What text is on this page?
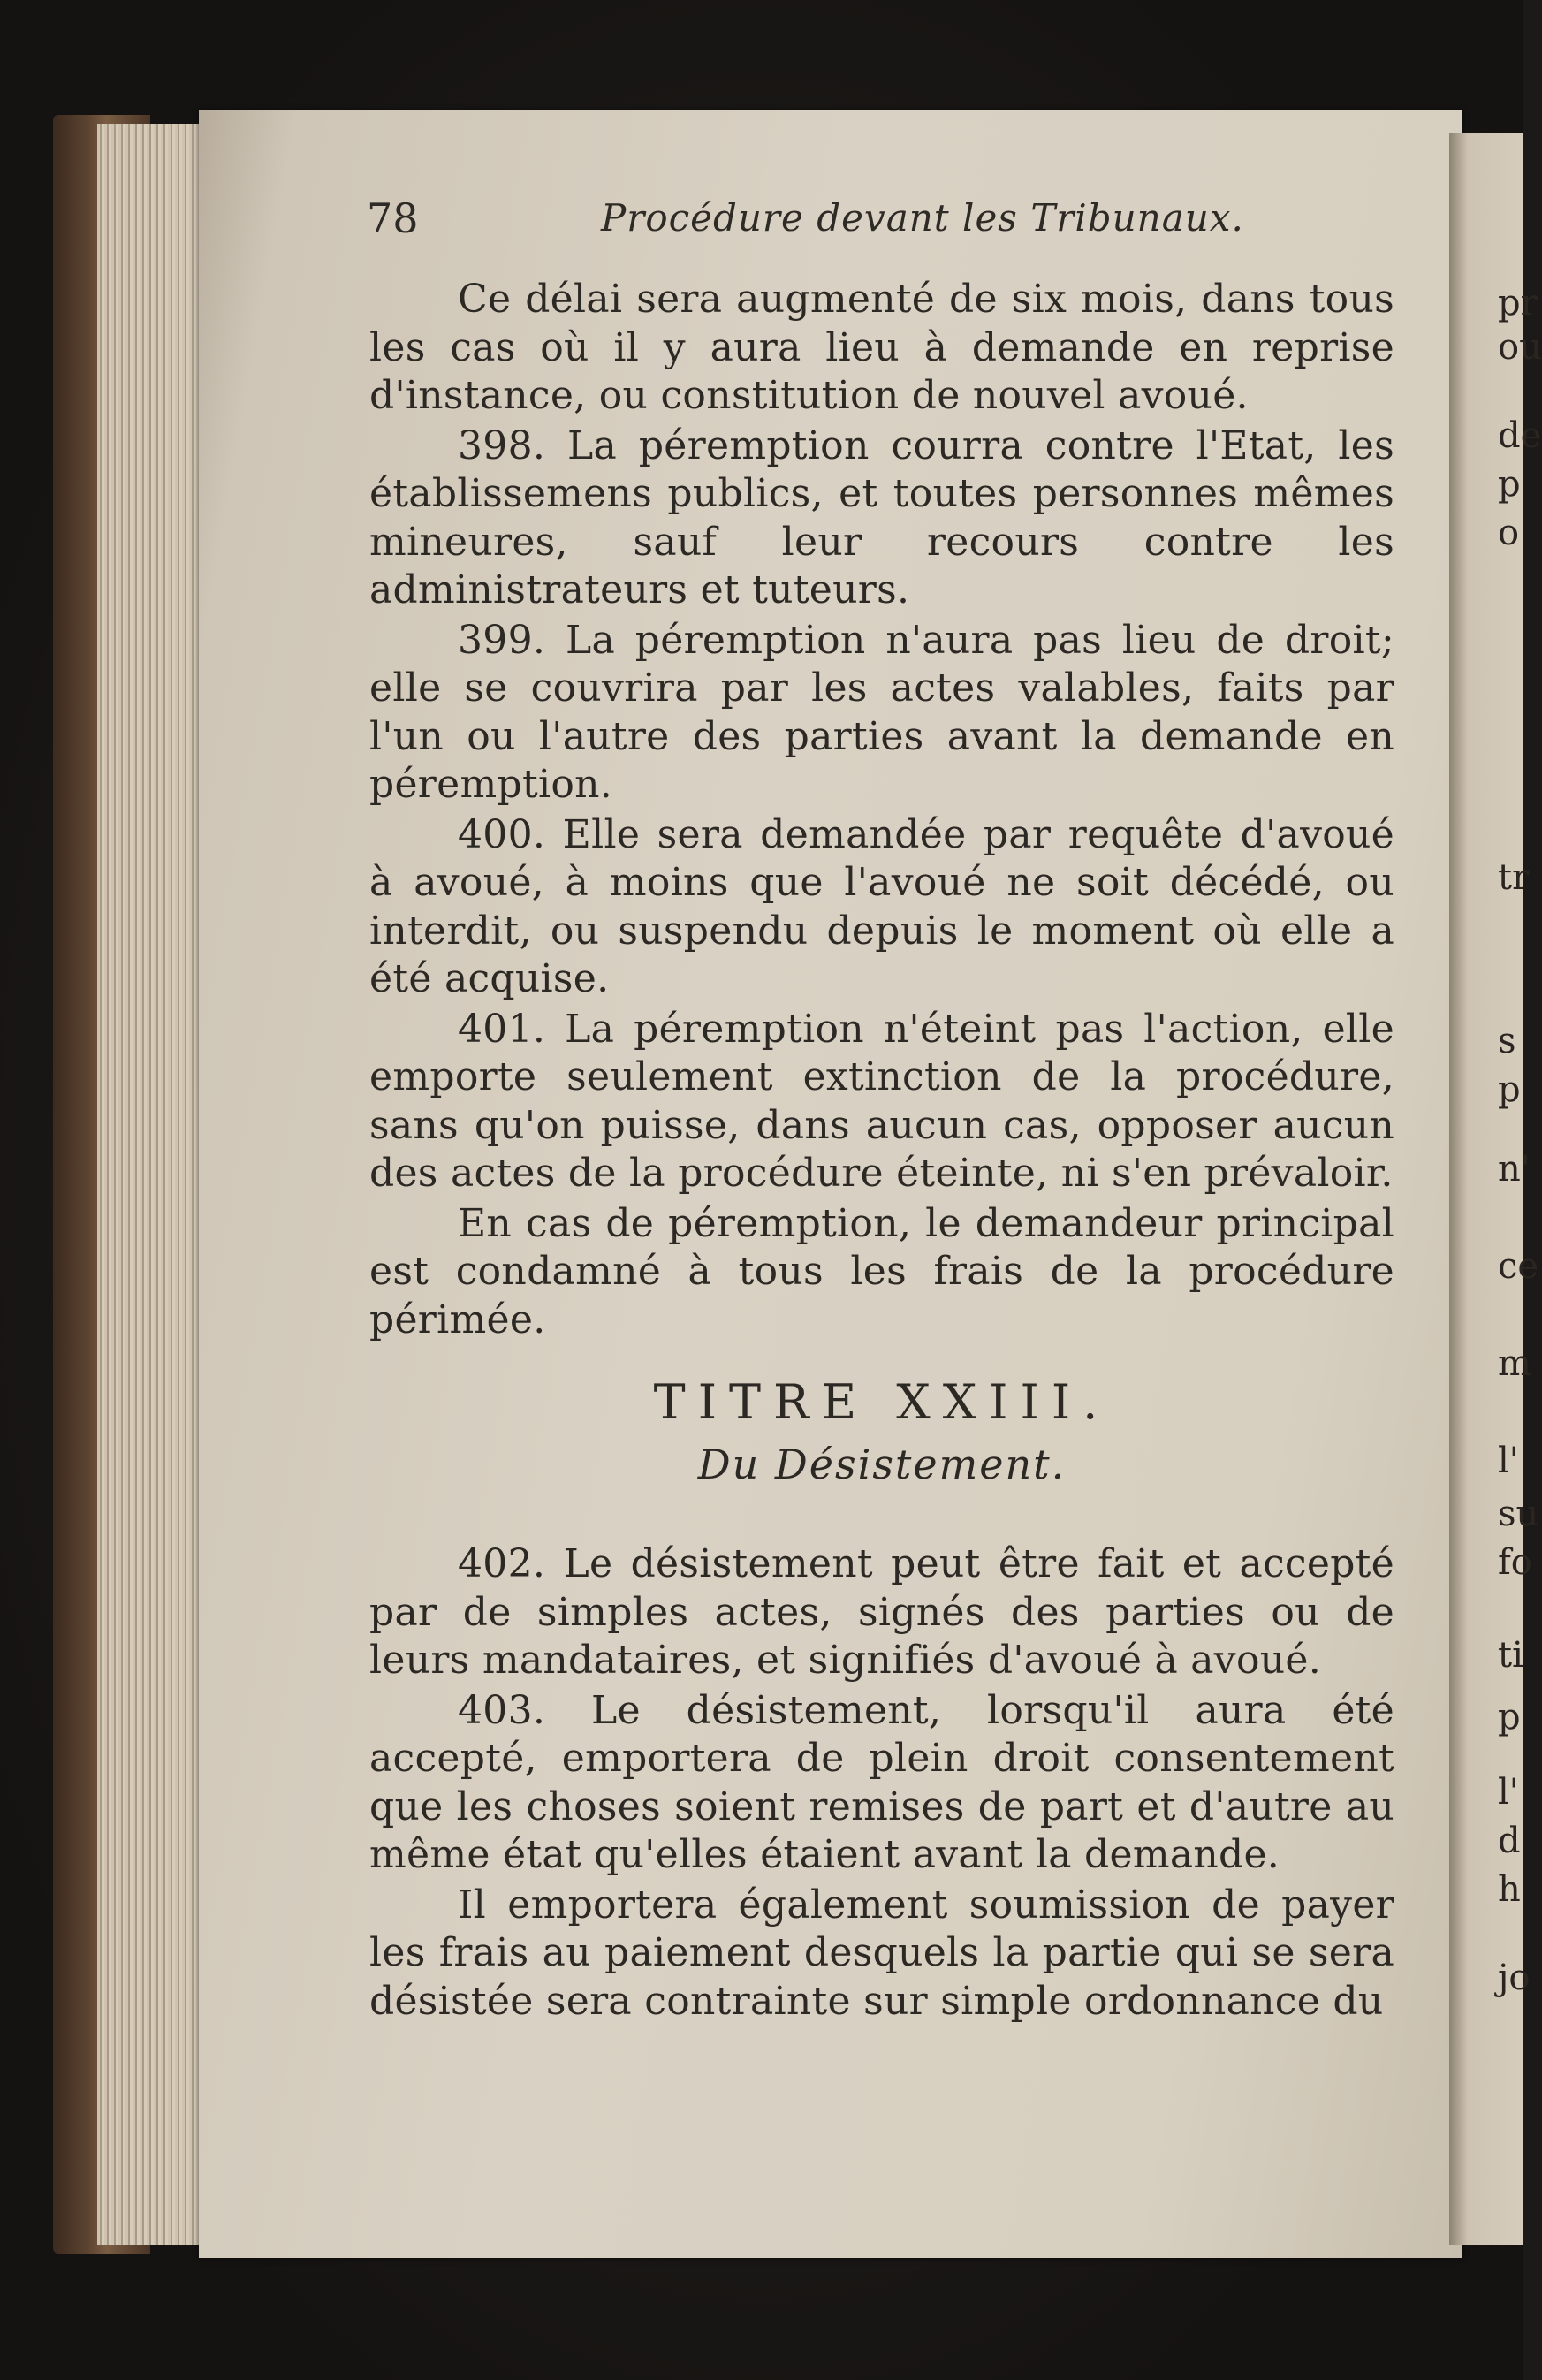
pr
ou
de
p
o
tr
s
p
n'
ce
m
l'
su
fo
ti
p
l'
d
h
jo
78	Procédure devant les Tribunaux.

Ce délai sera augmenté de six mois, dans tous les cas où il y aura lieu à demande en reprise d'instance, ou constitution de nouvel avoué.

398. La péremption courra contre l'Etat, les établissemens publics, et toutes personnes mêmes mineures, sauf leur recours contre les administrateurs et tuteurs.

399. La péremption n'aura pas lieu de droit; elle se couvrira par les actes valables, faits par l'un ou l'autre des parties avant la demande en péremption.

400. Elle sera demandée par requête d'avoué à avoué, à moins que l'avoué ne soit décédé, ou interdit, ou suspendu depuis le moment où elle a été acquise.

401. La péremption n'éteint pas l'action, elle emporte seulement extinction de la procédure, sans qu'on puisse, dans aucun cas, opposer aucun des actes de la procédure éteinte, ni s'en prévaloir.

En cas de péremption, le demandeur principal est condamné à tous les frais de la procédure périmée.

TITRE XXIII.
Du Désistement.

402. Le désistement peut être fait et accepté par de simples actes, signés des parties ou de leurs mandataires, et signifiés d'avoué à avoué.

403. Le désistement, lorsqu'il aura été accepté, emportera de plein droit consentement que les choses soient remises de part et d'autre au même état qu'elles étaient avant la demande.

Il emportera également soumission de payer les frais au paiement desquels la partie qui se sera désistée sera contrainte sur simple ordonnance du
